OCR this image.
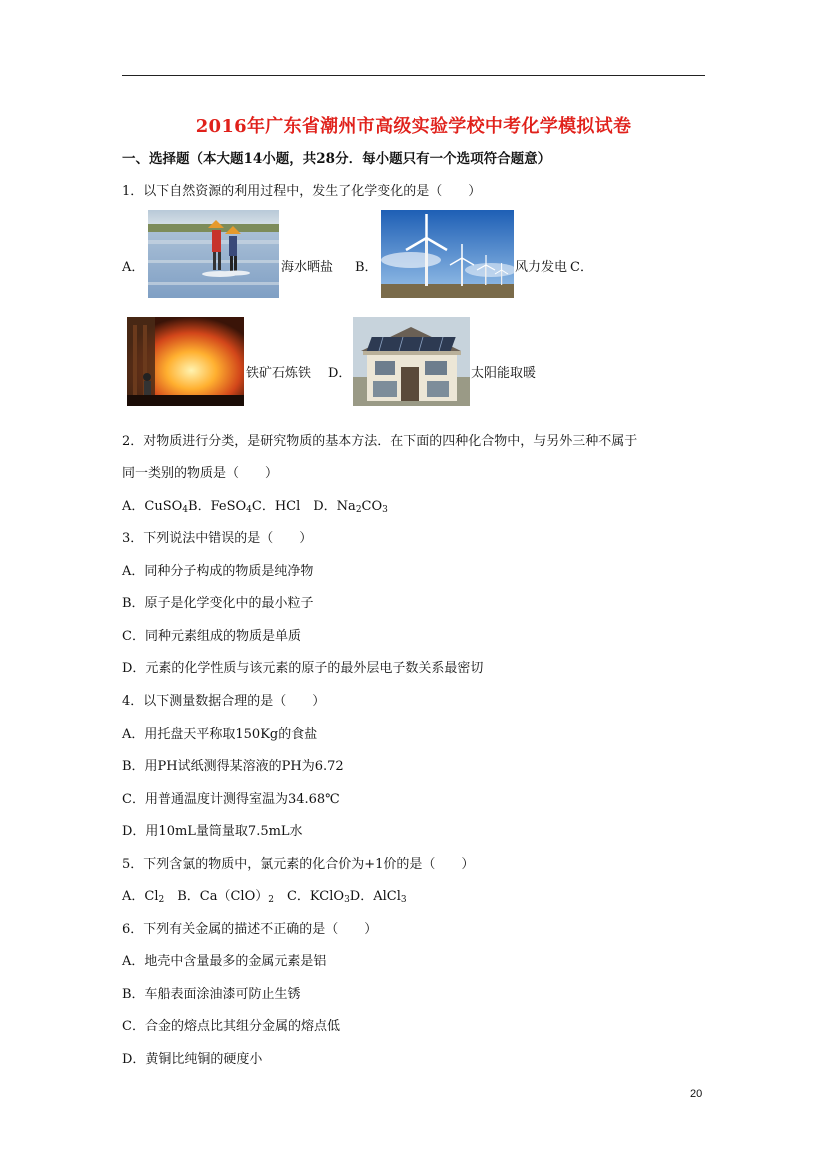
2016年广东省潮州市高级实验学校中考化学模拟试卷
一、选择题（本大题14小题，共28分．每小题只有一个选项符合题意）
1．以下自然资源的利用过程中，发生了化学变化的是（　　）
A．	海水晒盐 B．	风力发电 C．
铁矿石炼铁 D．	太阳能取暖
2．对物质进行分类，是研究物质的基本方法．在下面的四种化合物中，与另外三种不属于
同一类别的物质是（　　）
A．CuSO$_4$B．FeSO$_4$C．HCl　D．$Na_2CO_3$
3．下列说法中错误的是（　　）
A．同种分子构成的物质是纯净物
B．原子是化学变化中的最小粒子
C．同种元素组成的物质是单质
D．元素的化学性质与该元素的原子的最外层电子数关系最密切
4．以下测量数据合理的是（　　）
A．用托盘天平称取150Kg的食盐
B．用PH试纸测得某溶液的PH为6.72
C．用普通温度计测得室温为34.68℃
D．用10mL量筒量取7.5mL水
5．下列含氯的物质中，氯元素的化合价为+1价的是（　　）
A．$Cl_2$　B．$Ca(ClO)_2$　C．KClO$_3$D．AlCl$_3$
6．下列有关金属的描述不正确的是（　　）
A．地壳中含量最多的金属元素是铝
B．车船表面涂油漆可防止生锈
C．合金的熔点比其组分金属的熔点低
D．黄铜比纯铜的硬度小
20
